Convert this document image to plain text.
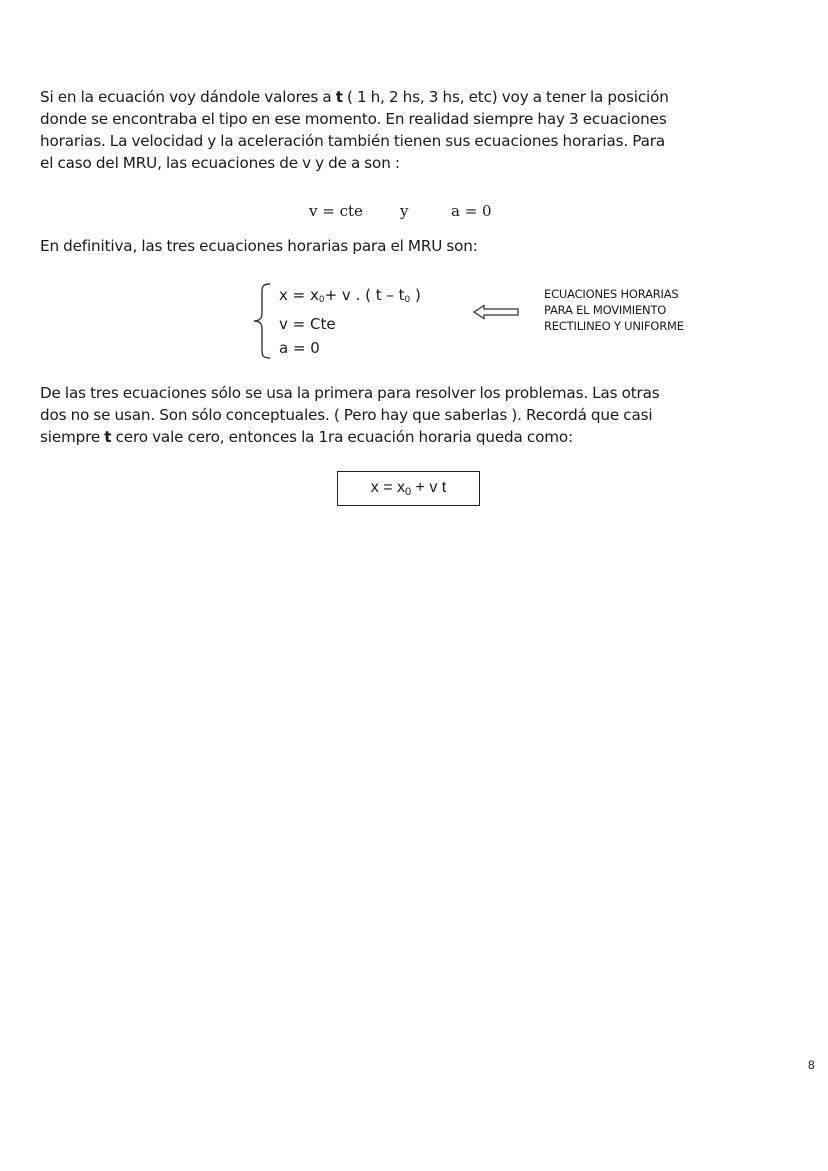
Si en la ecuación voy dándole valores a t ( 1 h, 2 hs, 3 hs, etc) voy a tener la posición
donde se encontraba el tipo en ese momento. En realidad siempre hay 3 ecuaciones
horarias. La velocidad y la aceleración también tienen sus ecuaciones horarias. Para
el caso del MRU, las ecuaciones de v y de a son :
v = cte y	a = 0
En definitiva, las tres ecuaciones horarias para el MRU son:
$x = x_0+ v$ . ( t – $t_0$ )
v = Cte
a = 0
ECUACIONES HORARIAS
PARA EL MOVIMIENTO
RECTILINEO Y UNIFORME
De las tres ecuaciones sólo se usa la primera para resolver los problemas. Las otras
dos no se usan. Son sólo conceptuales. ( Pero hay que saberlas ). Recordá que casi
siempre t cero vale cero, entonces la 1ra ecuación horaria queda como:
$x = x_0 + v$ t
8
